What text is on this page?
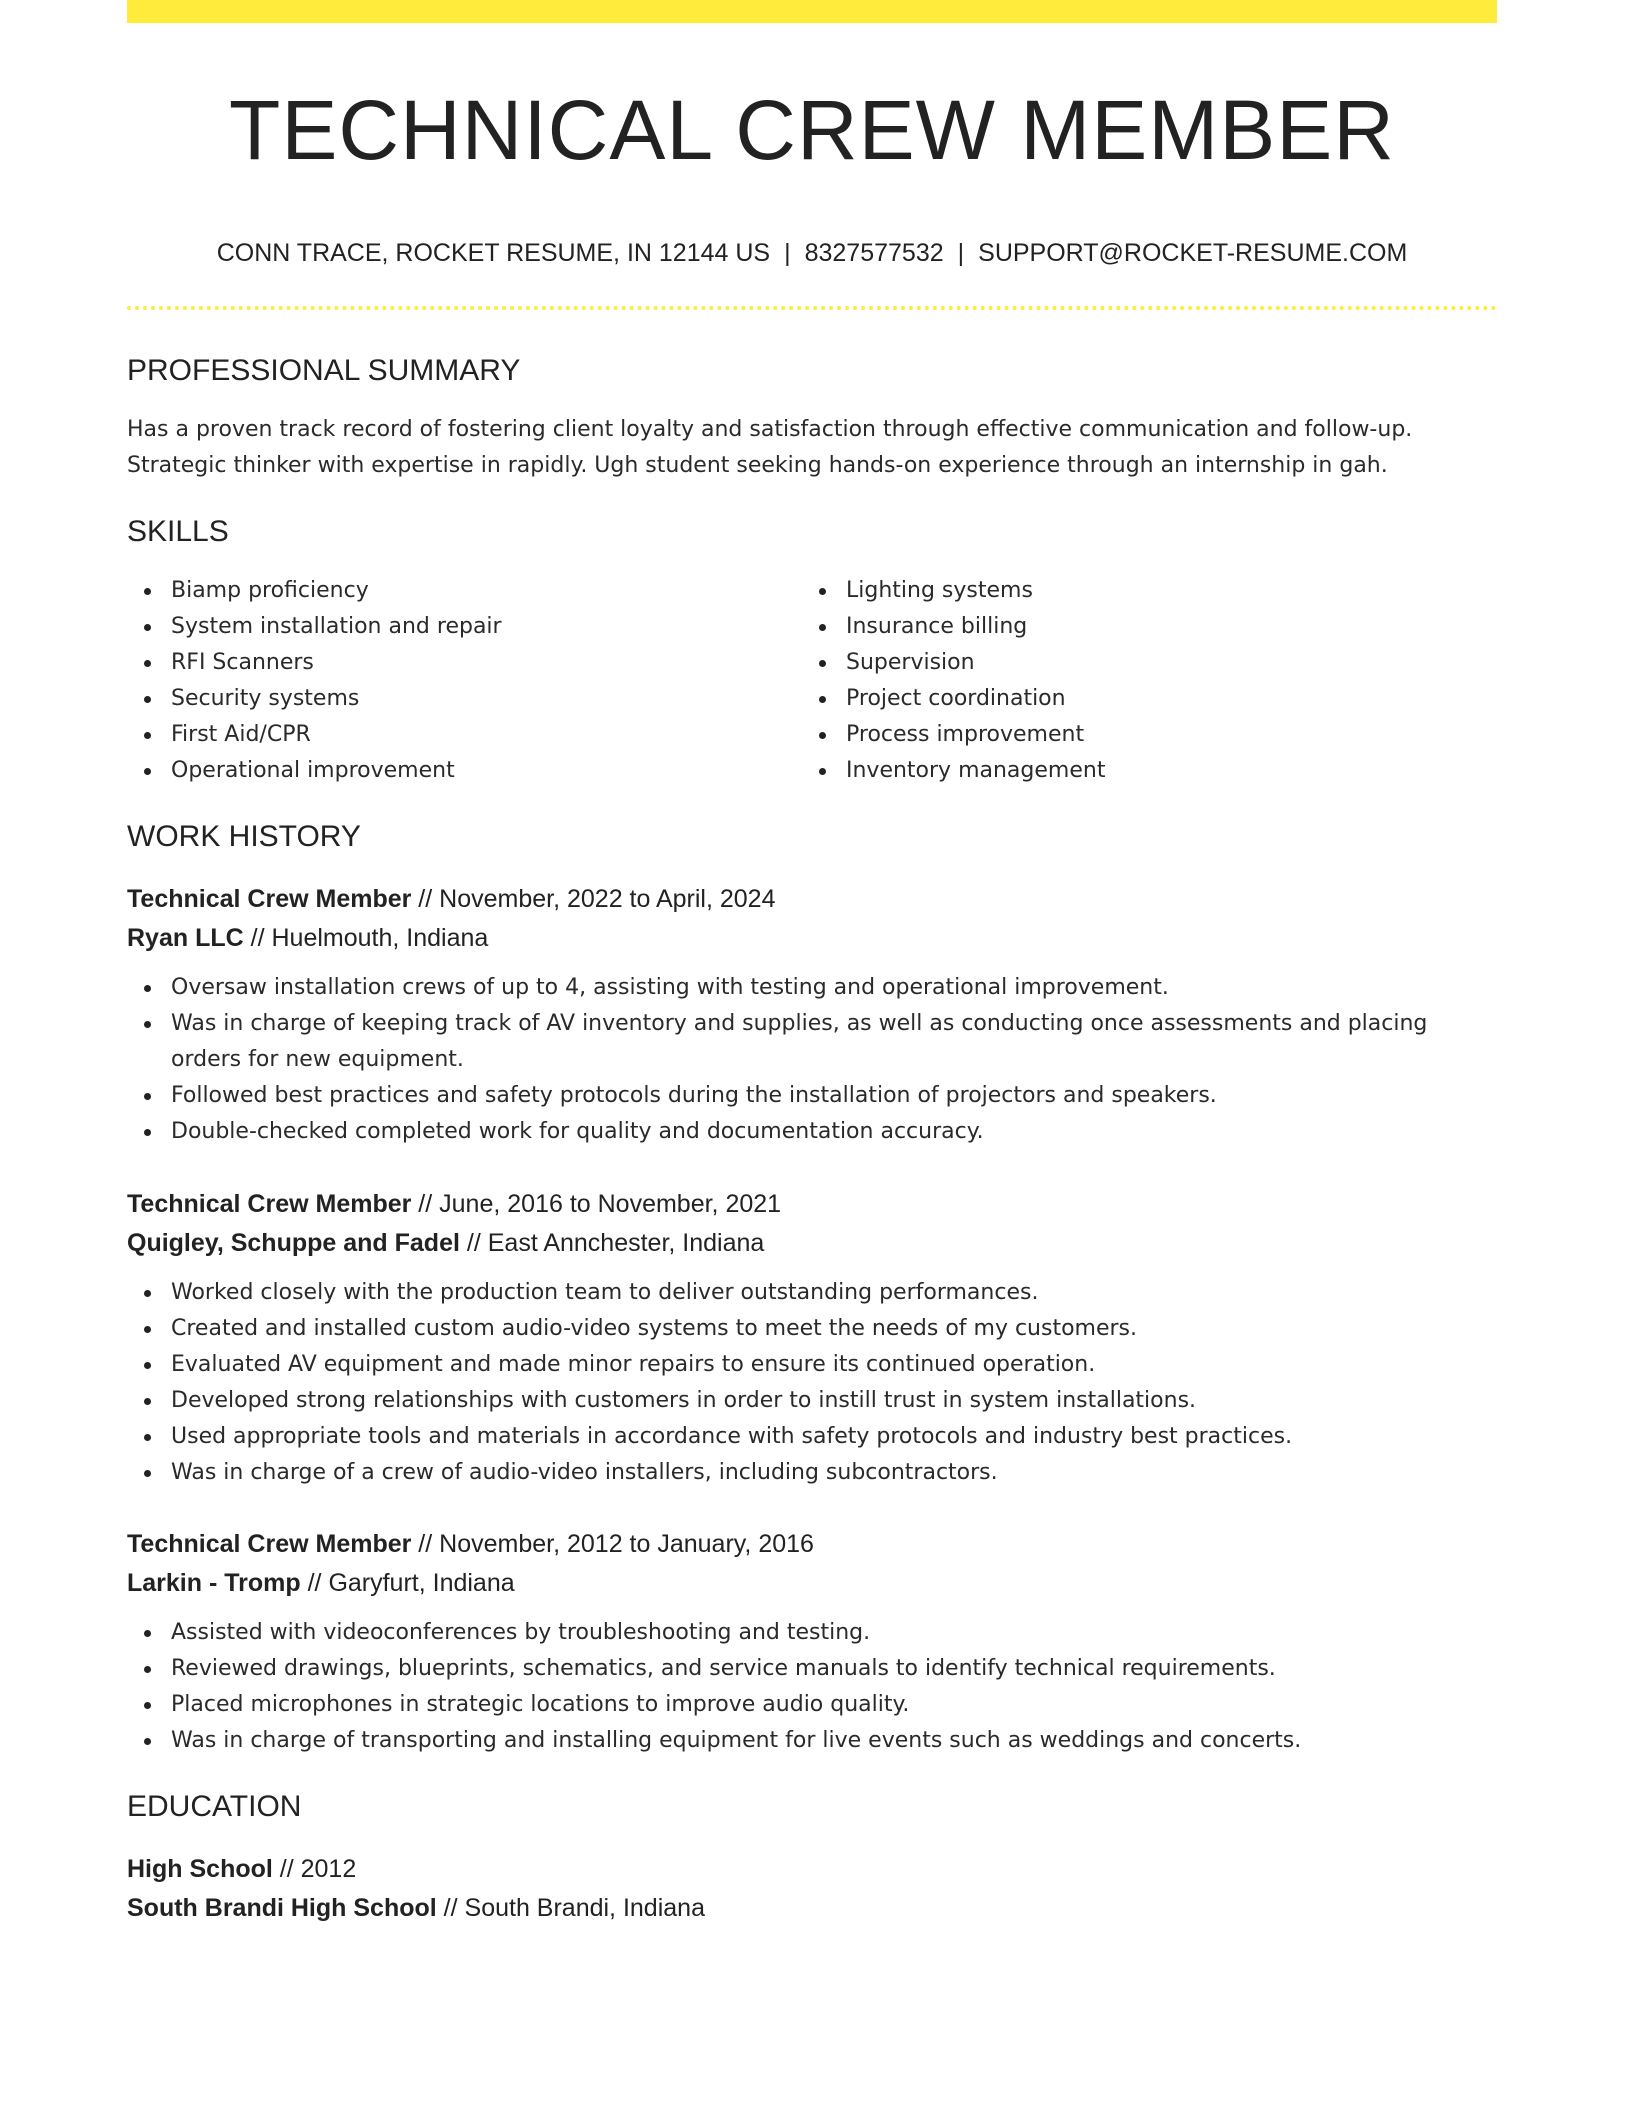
TECHNICAL CREW MEMBER
CONN TRACE, ROCKET RESUME, IN 12144 US | 8327577532 | SUPPORT@ROCKET-RESUME.COM
PROFESSIONAL SUMMARY

Has a proven track record of fostering client loyalty and satisfaction through effective communication and follow-up. Strategic thinker with expertise in rapidly. Ugh student seeking hands-on experience through an internship in gah.

SKILLS
Biamp proficiency
System installation and repair
RFI Scanners
Security systems
First Aid/CPR
Operational improvement
Lighting systems
Insurance billing
Supervision
Project coordination
Process improvement
Inventory management
WORK HISTORY
Technical Crew Member // November, 2022 to April, 2024
Ryan LLC // Huelmouth, Indiana
Oversaw installation crews of up to 4, assisting with testing and operational improvement.
Was in charge of keeping track of AV inventory and supplies, as well as conducting once assessments and placing orders for new equipment.
Followed best practices and safety protocols during the installation of projectors and speakers.
Double-checked completed work for quality and documentation accuracy.
Technical Crew Member // June, 2016 to November, 2021
Quigley, Schuppe and Fadel // East Annchester, Indiana
Worked closely with the production team to deliver outstanding performances.
Created and installed custom audio-video systems to meet the needs of my customers.
Evaluated AV equipment and made minor repairs to ensure its continued operation.
Developed strong relationships with customers in order to instill trust in system installations.
Used appropriate tools and materials in accordance with safety protocols and industry best practices.
Was in charge of a crew of audio-video installers, including subcontractors.
Technical Crew Member // November, 2012 to January, 2016
Larkin - Tromp // Garyfurt, Indiana
Assisted with videoconferences by troubleshooting and testing.
Reviewed drawings, blueprints, schematics, and service manuals to identify technical requirements.
Placed microphones in strategic locations to improve audio quality.
Was in charge of transporting and installing equipment for live events such as weddings and concerts.
EDUCATION
High School // 2012
South Brandi High School // South Brandi, Indiana
